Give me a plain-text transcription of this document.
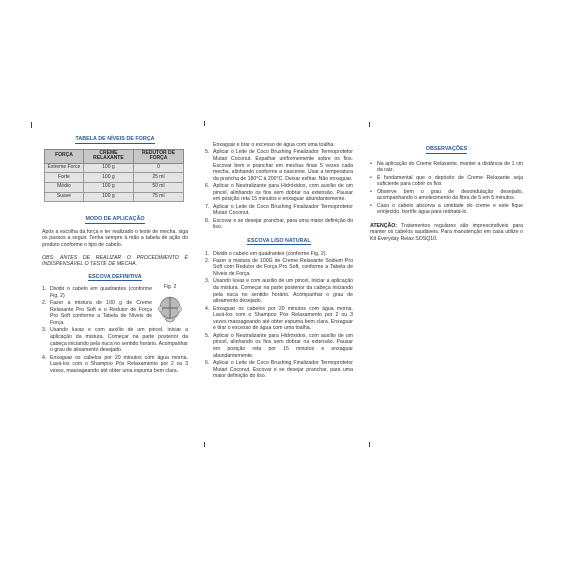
TABELA DE NÍVEIS DE FORÇA
FORÇA	CREME RELAXANTE	REDUTOR DE FORÇA
Extreme Force	100 g	0
Forte	100 g	25 ml
Médio	100 g	50 ml
Suave	100 g	75 ml
MODO DE APLICAÇÃO

Após a escolha da força e ter realizado o teste de mecha, siga os passos a seguir. Tenha sempre à mão a tabela de ação do produto conforme o tipo de cabelo.

OBS: ANTES DE REALIZAR O PROCEDIMENTO É INDISPENSÁVEL O TESTE DE MECHA.

ESCOVA DEFINITIVA
Fig. 2
1. Dividir o cabelo em quadrantes (conforme Fig. 2)
2. Fazer a mistura de 100 g de Creme Relaxante Pro Soft e o Redutor de Força Pro Soft conforme a Tabela de Níveis de Força.
3. Usando luvas e com auxílio de um pincel, iniciar a aplicação da mistura. Começar na parte posterior da cabeça iniciando pela nuca no sentido horário. Acompanhar o grau de alisamento desejado.
4. Enxaguar os cabelos por 20 minutos com água morna. Lavá-los com o Shampoo Pós Relaxamento por 2 ou 3 vezes, massageando até obter uma espuma bem clara.
Enxaguar e tirar o excesso de água com uma toalha.
5. Aplicar o Leite de Coco Brushing Finalizador Termoprotetor Mutari Coconut. Espalhar uniformemente sobre os fios. Escovar bem e pranchar em mechas finas 5 vezes cada mecha, alinhando conforme a nascente. Usar a temperatura da prancha de 180°C à 200°C. Deixar esfriar. Não enxaguar.
6. Aplicar o Neutralizante para Hidróxidos, com auxílio de um pincel, alinhando os fios sem dobrar na extensão. Pausar em posição reta 15 minutos e enxaguar abundantemente.
7. Aplicar o Leite de Coco Brushing Finalizador Termoprotetor Mutari Coconut.
8. Escovar e se desejar pranchar, para uma maior definição do liso.
ESCOVA LISO NATURAL
1. Dividir o cabelo em quadrantes (conforme Fig. 2).
2. Fazer a mistura de 100G de Creme Relaxante Sodium Pro Soft com Redutor de Força Pro Soft, conforme a Tabela de Níveis de Força.
3. Usando luvas e com auxílio de um pincel, iniciar a aplicação da mistura. Começar na parte posterior da cabeça iniciando pela nuca no sentido horário. Acompanhar o grau de alisamento desejado.
4. Enxaguar os cabelos por 20 minutos com água morna. Lavá-los com o Shampoo Pós Relaxamento por 2 ou 3 vezes massageando até obter espuma bem clara. Enxaguar e tirar o excesso de água com uma toalha.
5. Aplicar o Neutralizante para Hidróxidos, com auxílio de um pincel, alinhando os fios sem dobrar na extensão. Pausar em posição reta por 15 minutos e enxaguar abundantemente.
6. Aplicar o Leite de Coco Brushing Finalizador Termoprotetor Mutari Coconut. Escovar e se desejar pranchar, para uma maior definição do liso.
OBSERVAÇÕES
• Na aplicação do Creme Relaxante, manter a distância de 1 cm da raiz.
• É fundamental que o depósito de Creme Relaxante seja suficiente para cobrir os fios
• Observe bem o grau de desondulação desejado, acompanhando o amolecimento da fibra de 5 em 5 minutos.
• Caso o cabelo absorva a umidade do creme e este fique enrijecido, borrife água para reidratá-lo.

ATENÇÃO: Tratamentos regulares são imprescindíveis para manter os cabelos saudáveis. Para manutenção em casa utilize o Kit Everyday Relax SOSQ10.
